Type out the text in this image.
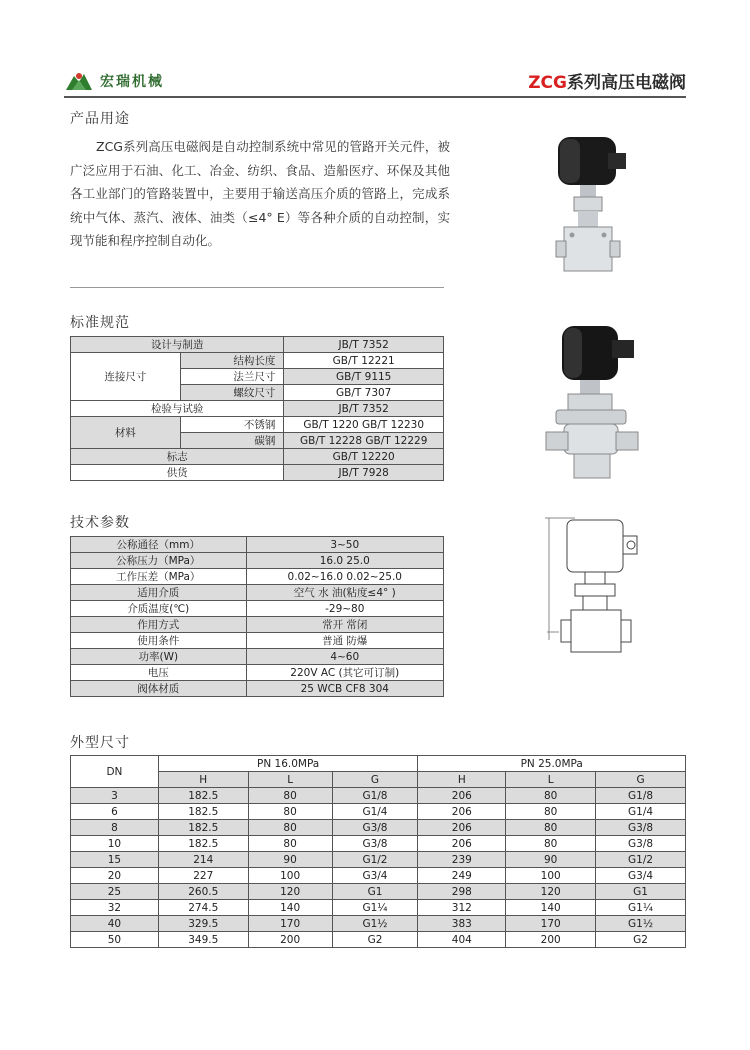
宏瑞机械	ZCG系列高压电磁阀
产品用途
ZCG系列高压电磁阀是自动控制系统中常见的管路开关元件，被广泛应用于石油、化工、冶金、纺织、食品、造船医疗、环保及其他各工业部门的管路装置中，主要用于输送高压介质的管路上，完成系统中气体、蒸汽、液体、油类（≤4° E）等各种介质的自动控制，实现节能和程序控制自动化。
标准规范
设计与制造		JB/T 7352
连接尺寸	结构长度	GB/T 12221
	法兰尺寸	GB/T 9115
	螺纹尺寸	GB/T 7307
检验与试验		JB/T 7352
材料	不锈钢	GB/T 1220 GB/T 12230
	碳钢	GB/T 12228 GB/T 12229
标志		GB/T 12220
供货		JB/T 7928
技术参数
公称通径（mm）	3~50
公称压力（MPa）	16.0 25.0
工作压差（MPa）	0.02~16.0 0.02~25.0
适用介质	空气 水 油(粘度≤4° )
介质温度(℃)	-29~80
作用方式	常开 常闭
使用条件	普通 防爆
功率(W)	4~60
电压	220V AC (其它可订制)
阀体材质	25 WCB CF8 304
外型尺寸
DN	PN 16.0MPa			PN 25.0MPa		
	H	L	G	H	L	G
3	182.5	80	G1/8	206	80	G1/8
6	182.5	80	G1/4	206	80	G1/4
8	182.5	80	G3/8	206	80	G3/8
10	182.5	80	G3/8	206	80	G3/8
15	214	90	G1/2	239	90	G1/2
20	227	100	G3/4	249	100	G3/4
25	260.5	120	G1	298	120	G1
32	274.5	140	G1¼	312	140	G1¼
40	329.5	170	G1½	383	170	G1½
50	349.5	200	G2	404	200	G2
